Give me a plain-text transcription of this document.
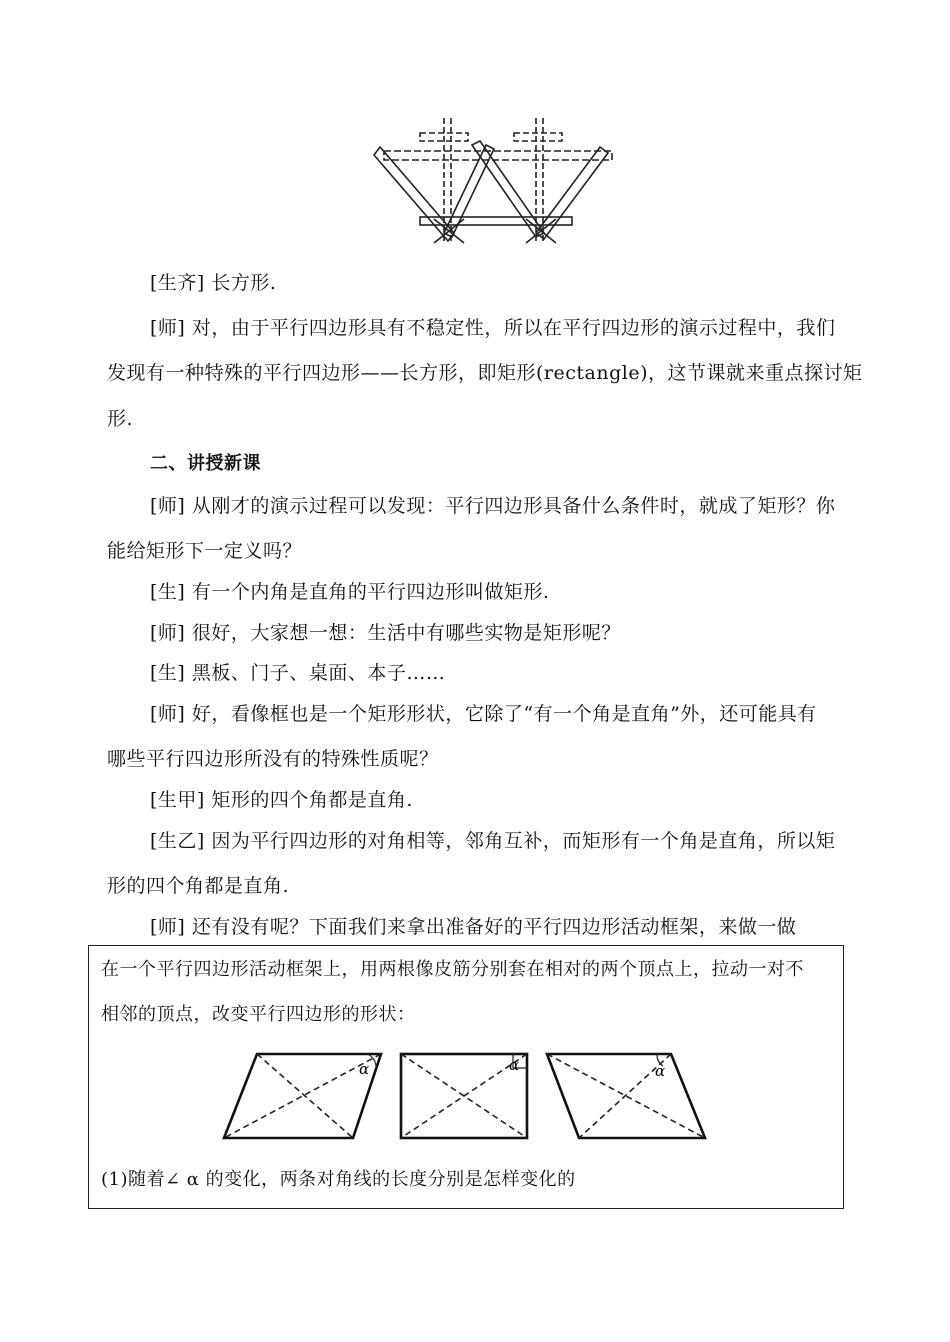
[生齐] 长方形.
[师] 对，由于平行四边形具有不稳定性，所以在平行四边形的演示过程中，我们
发现有一种特殊的平行四边形——长方形，即矩形(rectangle)，这节课就来重点探讨矩
形.
二、讲授新课
[师] 从刚才的演示过程可以发现：平行四边形具备什么条件时，就成了矩形？你
能给矩形下一定义吗？
[生] 有一个内角是直角的平行四边形叫做矩形.
[师] 很好，大家想一想：生活中有哪些实物是矩形呢？
[生] 黑板、门子、桌面、本子……
[师] 好，看像框也是一个矩形形状，它除了“有一个角是直角”外，还可能具有
哪些平行四边形所没有的特殊性质呢？
[生甲] 矩形的四个角都是直角.
[生乙] 因为平行四边形的对角相等，邻角互补，而矩形有一个角是直角，所以矩
形的四个角都是直角.
[师] 还有没有呢？下面我们来拿出准备好的平行四边形活动框架，来做一做
在一个平行四边形活动框架上，用两根像皮筋分别套在相对的两个顶点上，拉动一对不
相邻的顶点，改变平行四边形的形状：
α	α	α
(1)随着∠ α 的变化，两条对角线的长度分别是怎样变化的
